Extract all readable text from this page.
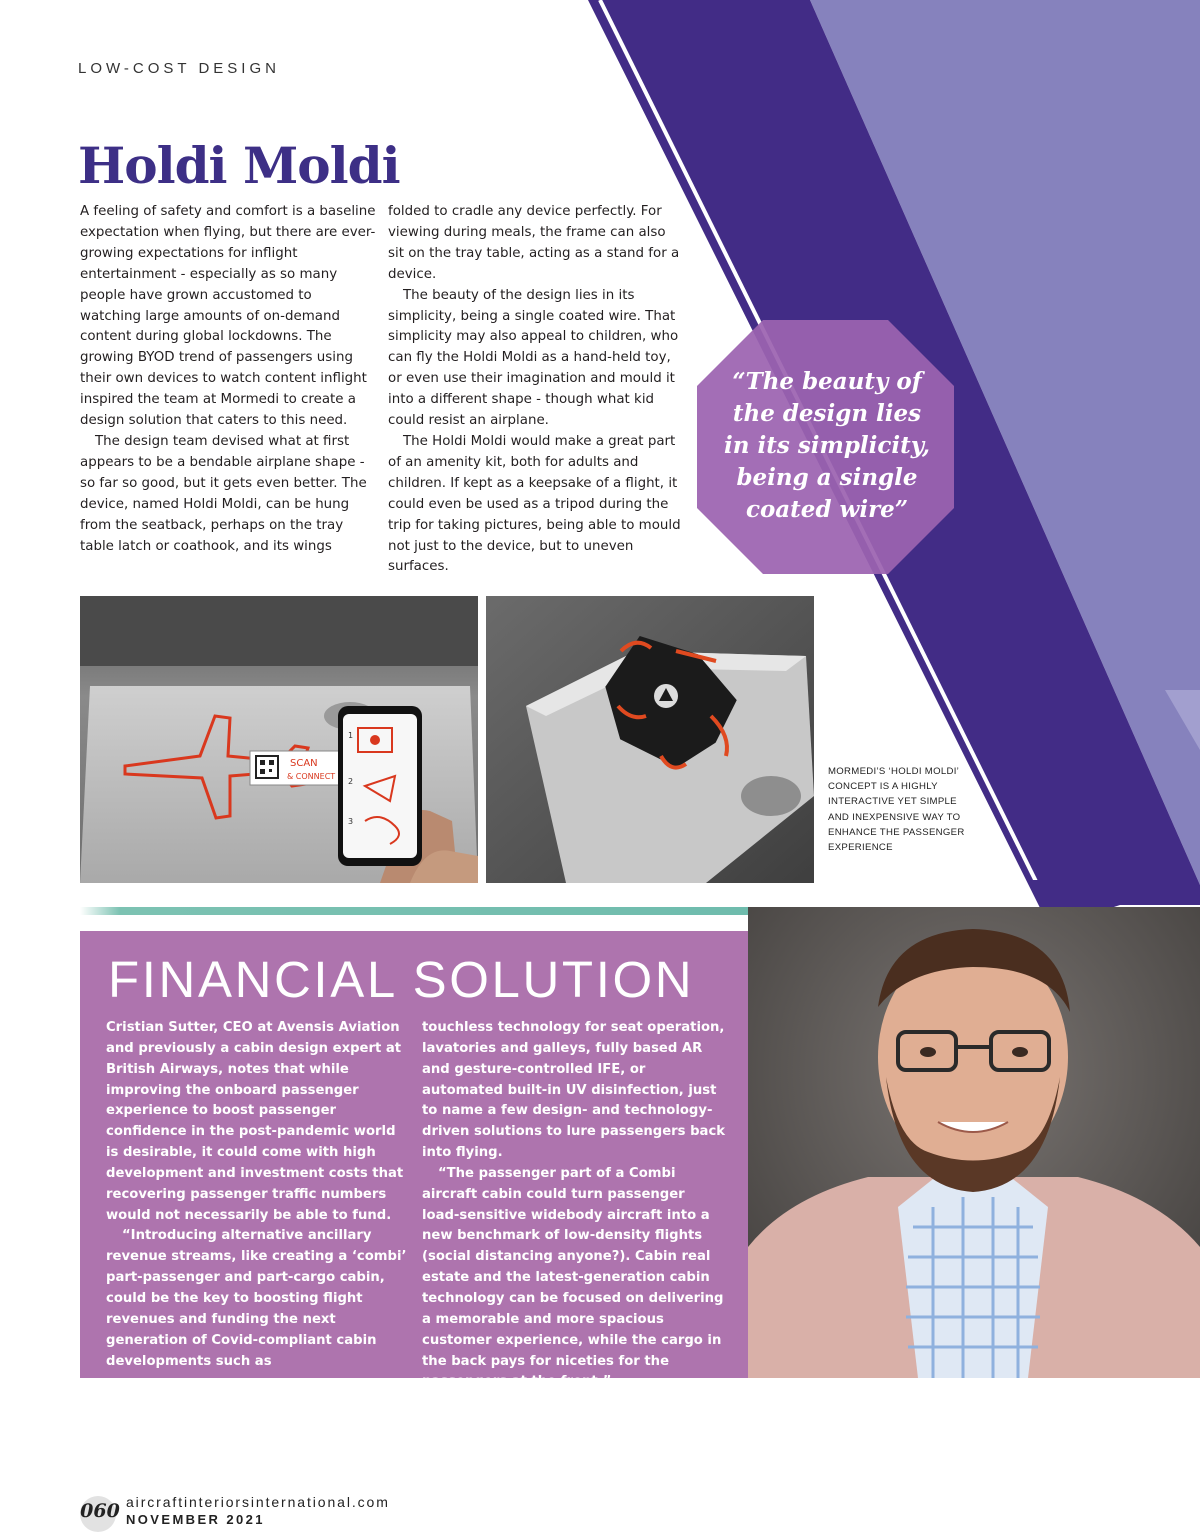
LOW-COST DESIGN
Holdi Moldi

A feeling of safety and comfort is a baseline expectation when flying, but there are ever-growing expectations for inflight entertainment - especially as so many people have grown accustomed to watching large amounts of on-demand content during global lockdowns. The growing BYOD trend of passengers using their own devices to watch content inflight inspired the team at Mormedi to create a design solution that caters to this need.

The design team devised what at first appears to be a bendable airplane shape - so far so good, but it gets even better. The device, named Holdi Moldi, can be hung from the seatback, perhaps on the tray table latch or coathook, and its wings

folded to cradle any device perfectly. For viewing during meals, the frame can also sit on the tray table, acting as a stand for a device.

The beauty of the design lies in its simplicity, being a single coated wire. That simplicity may also appeal to children, who can fly the Holdi Moldi as a hand-held toy, or even use their imagination and mould it into a different shape - though what kid could resist an airplane.

The Holdi Moldi would make a great part of an amenity kit, both for adults and children. If kept as a keepsake of a flight, it could even be used as a tripod during the trip for taking pictures, being able to mould not just to the device, but to uneven surfaces.

“The beauty of the design lies in its simplicity, being a single coated wire”
SCAN
& CONNECT
1
2
3
MORMEDI’S ‘HOLDI MOLDI’ CONCEPT IS A HIGHLY INTERACTIVE YET SIMPLE AND INEXPENSIVE WAY TO ENHANCE THE PASSENGER EXPERIENCE
FINANCIAL SOLUTION

Cristian Sutter, CEO at Avensis Aviation and previously a cabin design expert at British Airways, notes that while improving the onboard passenger experience to boost passenger confidence in the post-pandemic world is desirable, it could come with high development and investment costs that recovering passenger traffic numbers would not necessarily be able to fund.

“Introducing alternative ancillary revenue streams, like creating a ‘combi’ part-passenger and part-cargo cabin, could be the key to boosting flight revenues and funding the next generation of Covid-compliant cabin developments such as

touchless technology for seat operation, lavatories and galleys, fully based AR and gesture-controlled IFE, or automated built-in UV disinfection, just to name a few design- and technology-driven solutions to lure passengers back into flying.

“The passenger part of a Combi aircraft cabin could turn passenger load-sensitive widebody aircraft into a new benchmark of low-density flights (social distancing anyone?). Cabin real estate and the latest-generation cabin technology can be focused on delivering a memorable and more spacious customer experience, while the cargo in the back pays for niceties for the passengers at the front.”

060 aircraftinteriorsinternational.com
NOVEMBER 2021
